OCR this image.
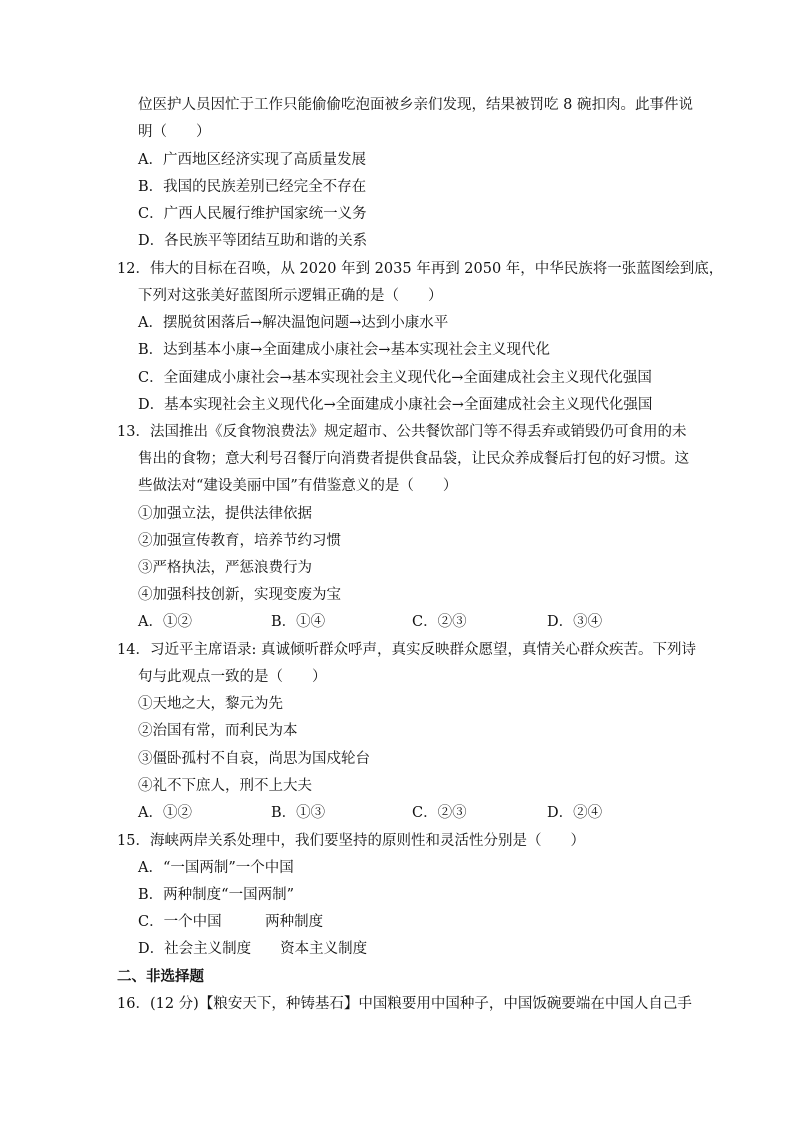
位医护人员因忙于工作只能偷偷吃泡面被乡亲们发现，结果被罚吃 8 碗扣肉。此事件说
明（　　）
A．广西地区经济实现了高质量发展
B．我国的民族差别已经完全不存在
C．广西人民履行维护国家统一义务
D．各民族平等团结互助和谐的关系
12．伟大的目标在召唤，从 2020 年到 2035 年再到 2050 年，中华民族将一张蓝图绘到底，
下列对这张美好蓝图所示逻辑正确的是（　　）
A．摆脱贫困落后→解决温饱问题→达到小康水平
B．达到基本小康→全面建成小康社会→基本实现社会主义现代化
C．全面建成小康社会→基本实现社会主义现代化→全面建成社会主义现代化强国
D．基本实现社会主义现代化→全面建成小康社会→全面建成社会主义现代化强国
13．法国推出《反食物浪费法》规定超市、公共餐饮部门等不得丢弃或销毁仍可食用的未
售出的食物；意大利号召餐厅向消费者提供食品袋，让民众养成餐后打包的好习惯。这
些做法对“建设美丽中国”有借鉴意义的是（　　）
①加强立法，提供法律依据
②加强宣传教育，培养节约习惯
③严格执法，严惩浪费行为
④加强科技创新，实现变废为宝
A．①②	B．①④	C．②③	D．③④
14．习近平主席语录: 真诚倾听群众呼声，真实反映群众愿望，真情关心群众疾苦。下列诗
句与此观点一致的是（　　）
①天地之大，黎元为先
②治国有常，而利民为本
③僵卧孤村不自哀，尚思为国戍轮台
④礼不下庶人，刑不上大夫
A．①②	B．①③	C．②③	D．②④
15．海峡两岸关系处理中，我们要坚持的原则性和灵活性分别是（　　）
A．“一国两制”一个中国
B．两种制度“一国两制”
C．一个中国　　　两种制度
D．社会主义制度　　资本主义制度
二、非选择题
16．(12 分)【粮安天下，种铸基石】中国粮要用中国种子，中国饭碗要端在中国人自己手
